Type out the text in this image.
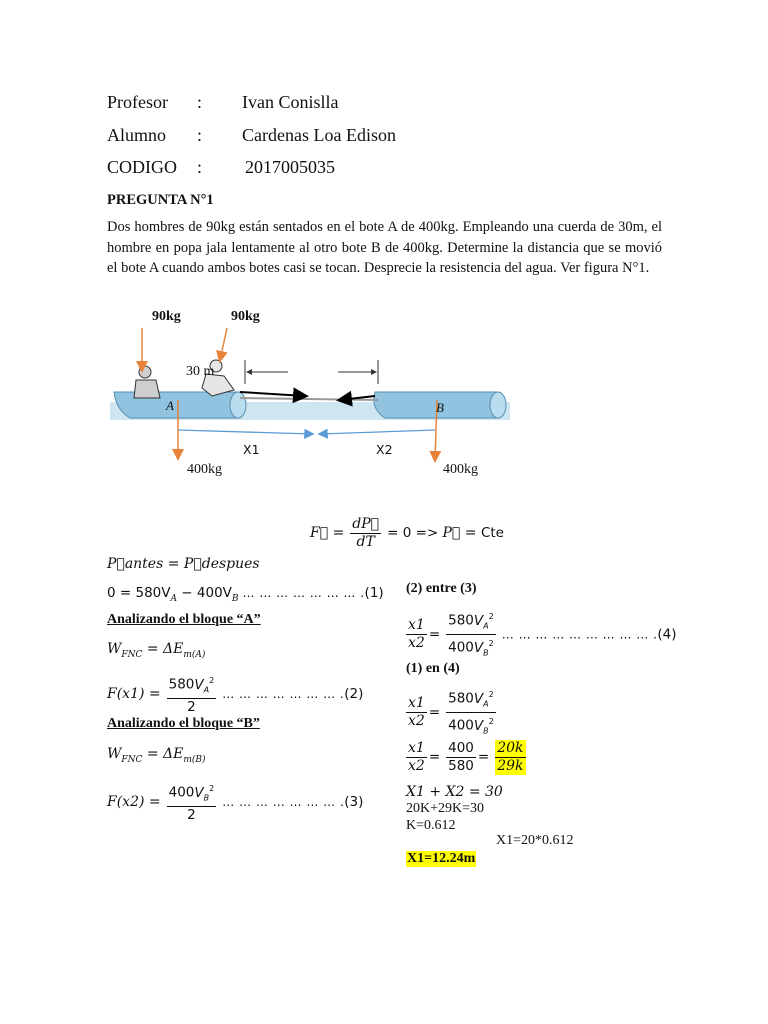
Profesor : Ivan Conislla
Alumno : Cardenas Loa Edison
CODIGO : 2017005035
PREGUNTA N°1
Dos hombres de 90kg están sentados en el bote A de 400kg. Empleando una cuerda de 30m, el hombre en popa jala lentamente al otro bote B de 400kg. Determine la distancia que se movió el bote A cuando ambos botes casi se tocan. Desprecie la resistencia del agua. Ver figura N°1.
90kg	90kg
30 m
A	B
X1	X2
400kg	400kg
F⃗ = $\frac{dP⃗}{dT} = 0$ => P⃗ = Cte
P⃗antes = P⃗despues
$0 = 580V_A - 400V_B$ … … … … … … … .(1)
Analizando el bloque “A”
$W_{FNC} = \Delta E_{m(A)}$
$F(x1) = \frac{580V_A^2}{2}$ … … … … … … … .(2)
Analizando el bloque “B”
$W_{FNC} = \Delta E_{m(B)}$
$F(x2) = \frac{400V_B^2}{2}$ … … … … … … … .(3)
(2) entre (3)
$\frac{x1}{x2} = \frac{580V_A^2}{400V_B^2}$ … … … … … … … … … .(4)
(1) en (4)
$\frac{x1}{x2} = \frac{580V_A^2}{400V_B^2}$
$\frac{x1}{x2} = \frac{400}{580} = \frac{20k}{29k}$
X1 + X2 = 30
20K+29K=30
K=0.612
X1=20*0.612
X1=12.24m
